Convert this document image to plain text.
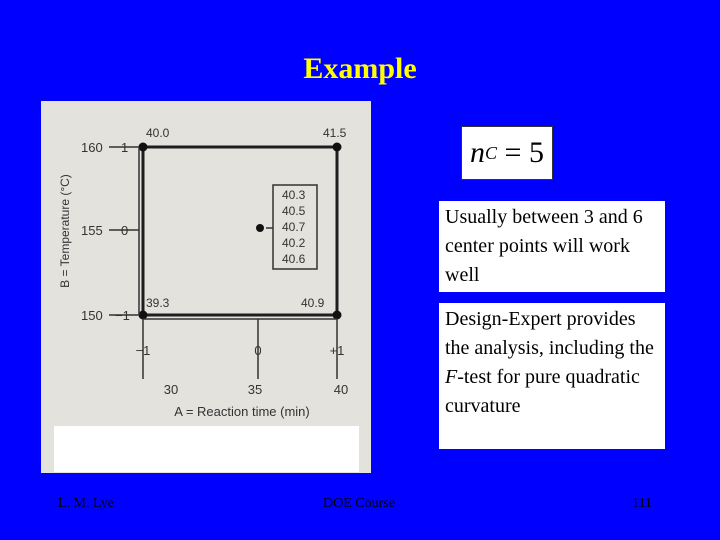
Example
40.0	41.5
39.3	40.9
40.3
40.5
40.7
40.2
40.6
160
155
150
1
0
−1
B = Temperature (°C)
−1	0	+1
30	35	40
A = Reaction time (min)
n C
=
5
Usually between 3 and 6 center points will work well
Design-Expert provides the analysis, including the F-test for pure quadratic curvature
L. M. Lye	DOE Course	111
